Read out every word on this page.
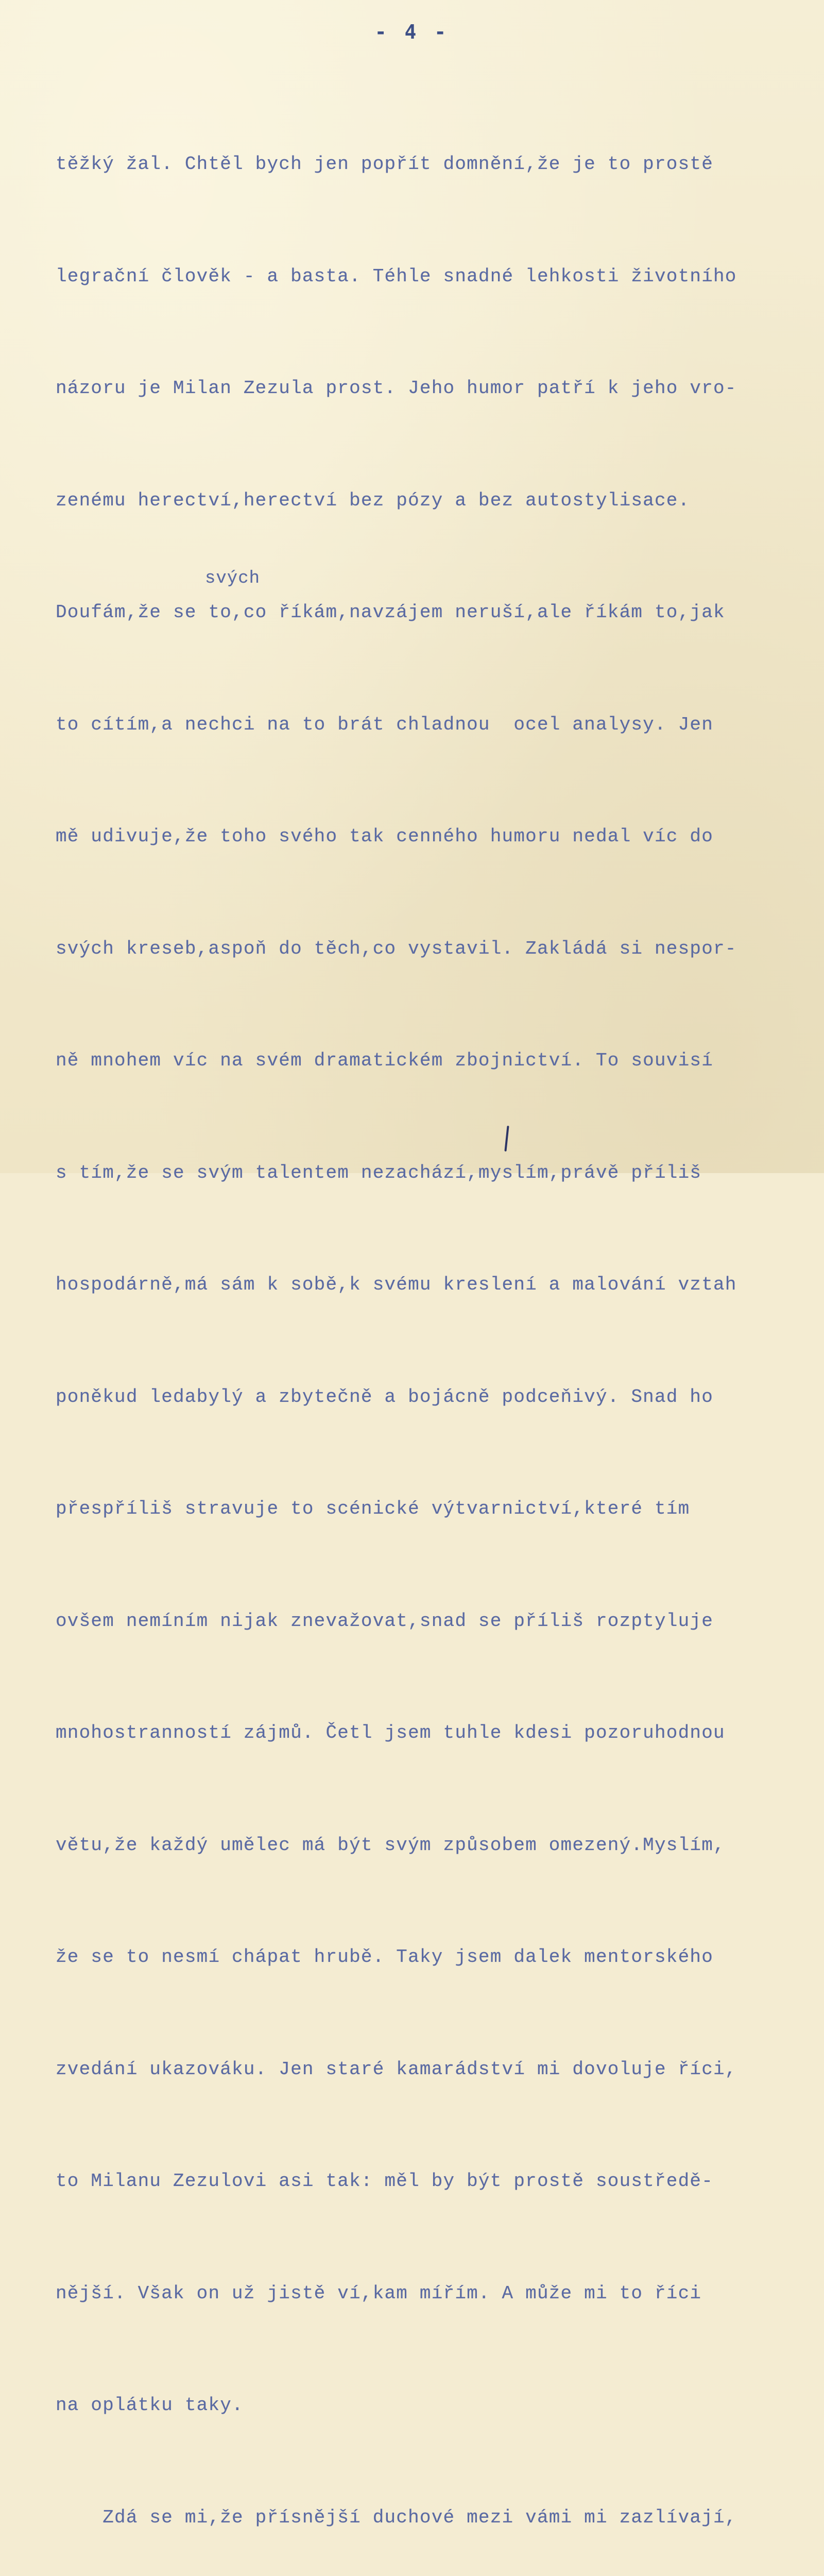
- 4 -

těžký žal. Chtěl bych jen popřít domnění,že je to prostě

legrační člověk - a basta. Téhle snadné lehkosti životního

názoru je Milan Zezula prost. Jeho humor patří k jeho vro-

zenému herectví,herectví bez pózy a bez autostylisace.

Doufám,že se to,co říkám,navzájem neruší,ale říkám to,jak

to cítím,a nechci na to brát chladnou  ocel analysy. Jen

mě udivuje,že toho svého tak cenného humoru nedal víc do

svých kreseb,aspoň do těch,co vystavil. Zakládá si nespor-

ně mnohem víc na svém dramatickém zbojnictví. To souvisí

s tím,že se svým talentem nezachází,myslím,právě příliš

hospodárně,má sám k sobě,k svému kreslení a malování vztah

poněkud ledabylý a zbytečně a bojácně podceňivý. Snad ho

přespříliš stravuje to scénické výtvarnictví,které tím

ovšem nemíním nijak znevažovat,snad se příliš rozptyluje

mnohostranností zájmů. Četl jsem tuhle kdesi pozoruhodnou

větu,že každý umělec má být svým způsobem omezený.Myslím,

že se to nesmí chápat hrubě. Taky jsem dalek mentorského

zvedání ukazováku. Jen staré kamarádství mi dovoluje říci,

to Milanu Zezulovi asi tak: měl by být prostě soustředě-

nější. Však on už jistě ví,kam mířím. A může mi to říci

na oplátku taky.

Zdá se mi,že přísnější duchové mezi vámi mi zazlívají,

svých
